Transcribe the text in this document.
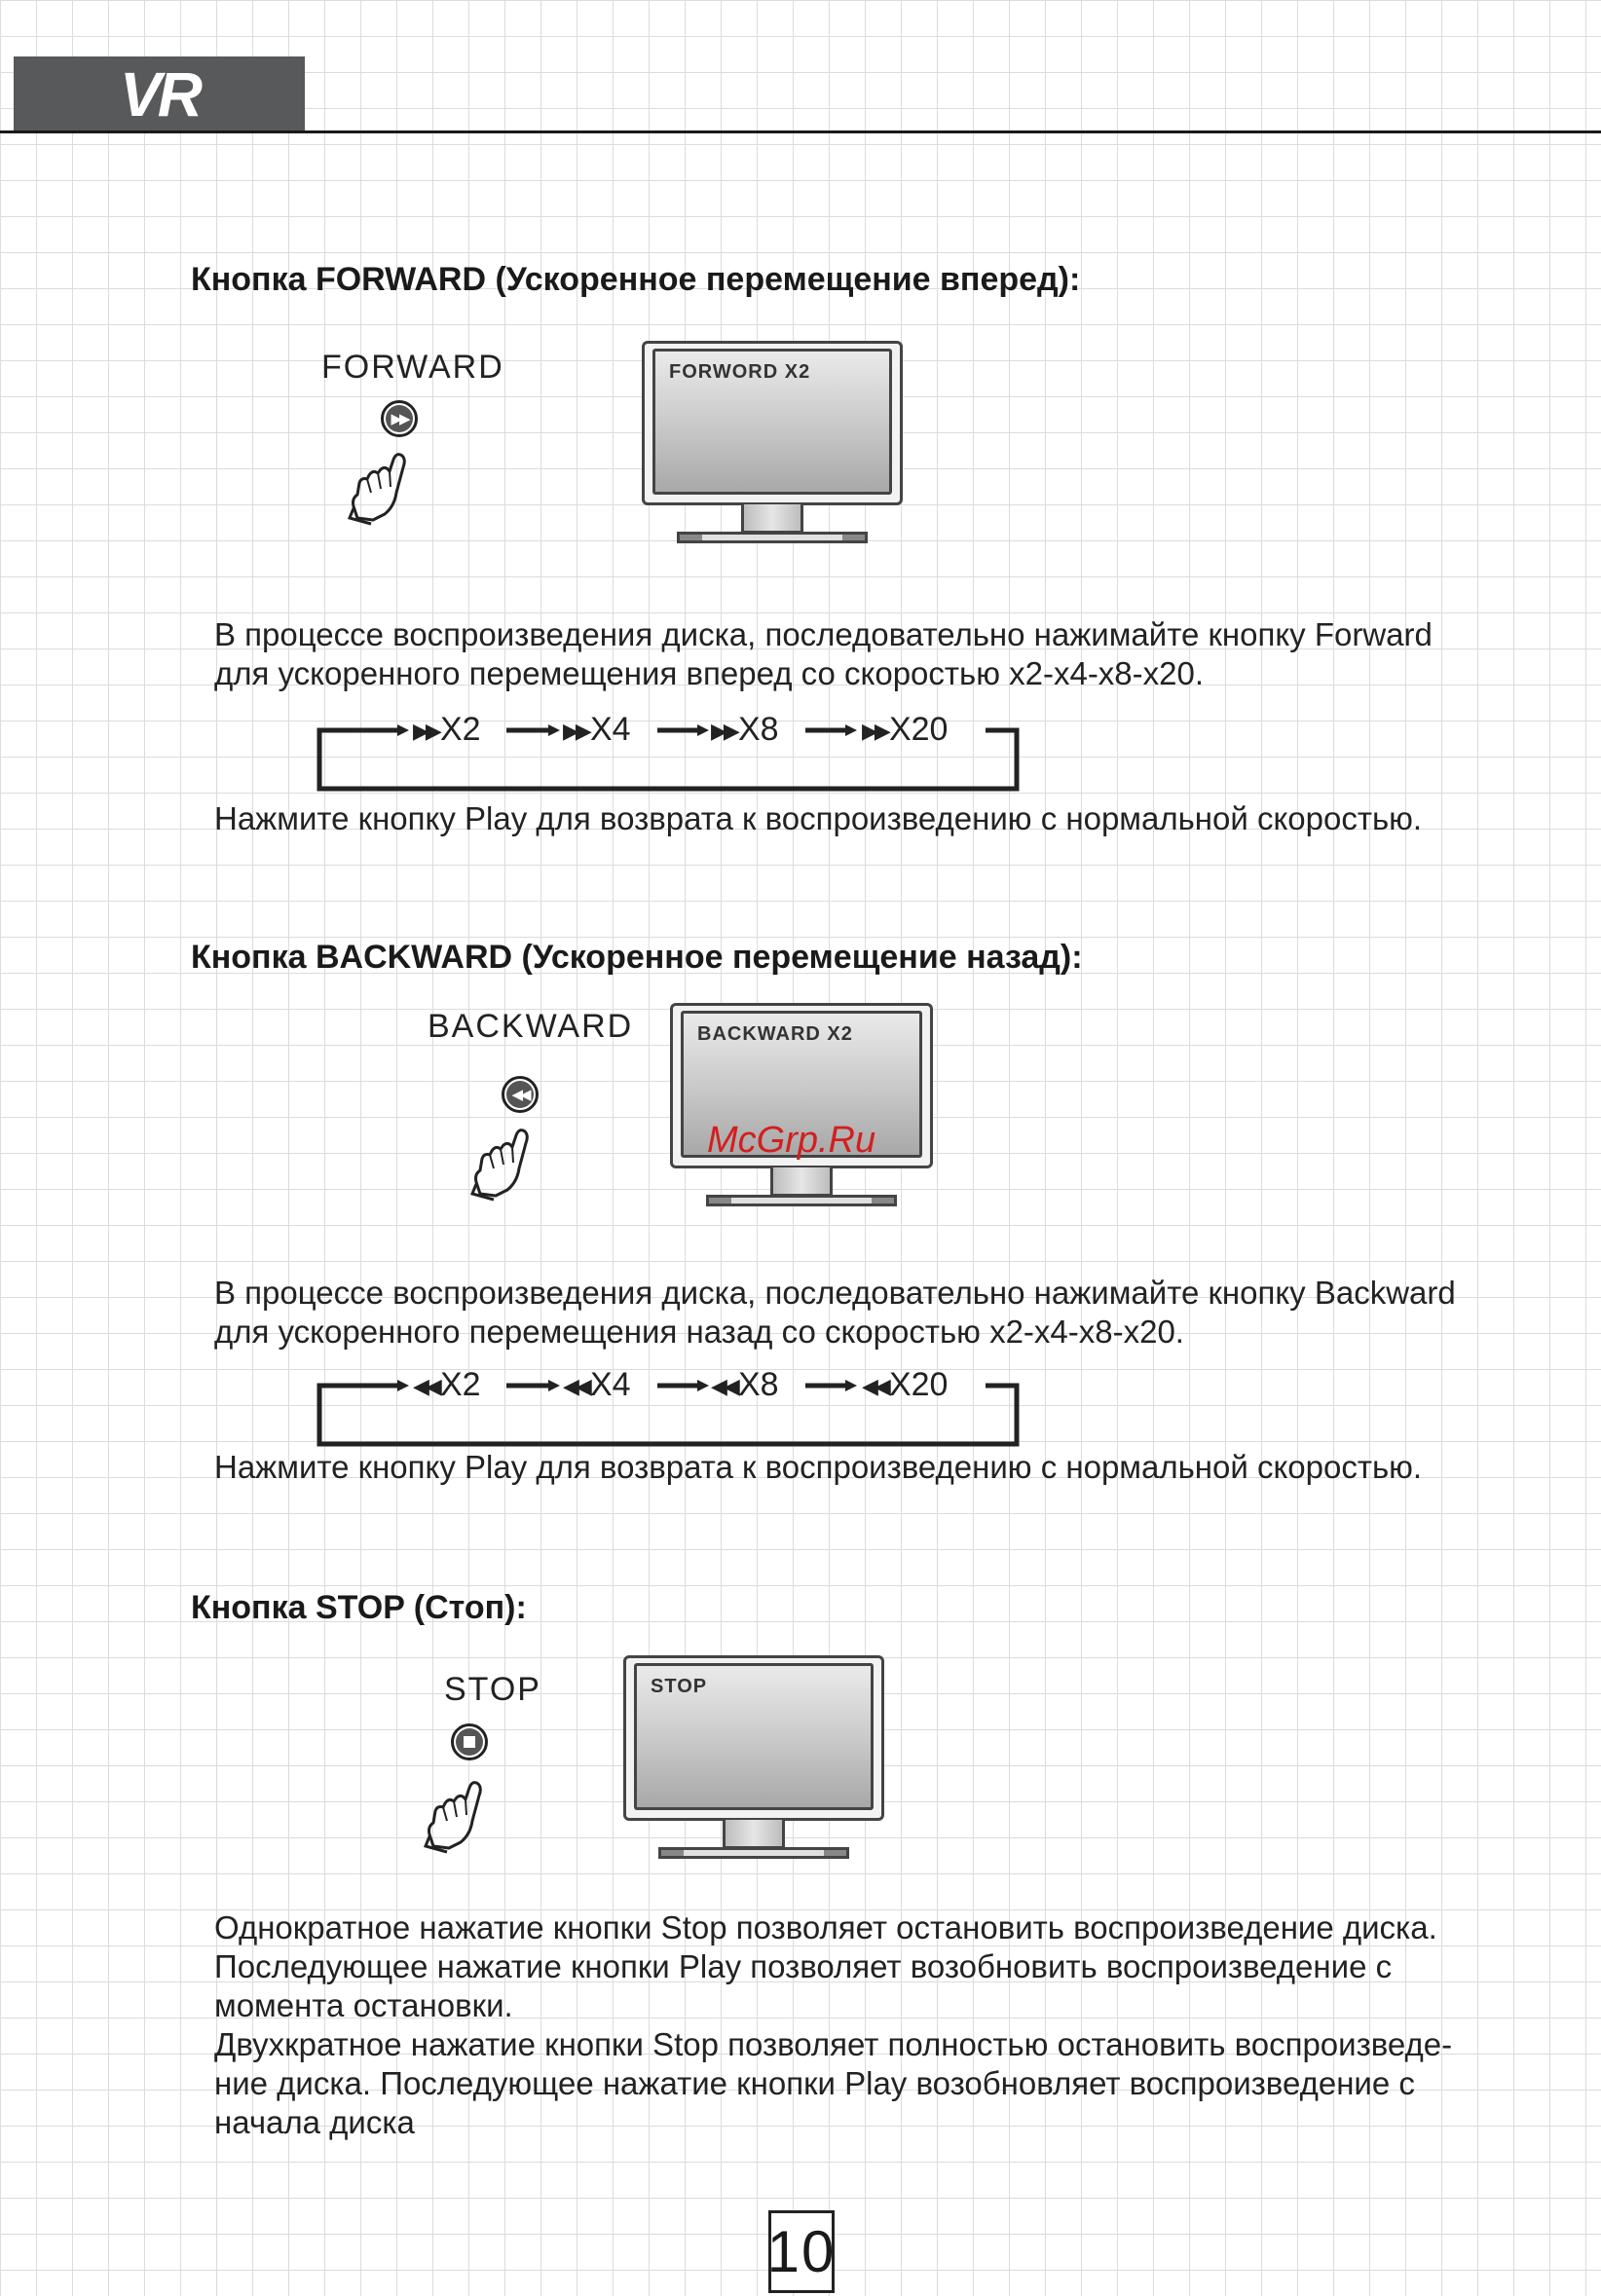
VR
Кнопка FORWARD (Ускоренное перемещение вперед):
FORWARD
▶▶
FORWORD X2
В процессе воспроизведения диска, последовательно нажимайте кнопку Forward
для ускоренного перемещения вперед со скоростью x2-x4-x8-x20.
▶▶ X2	▶▶ X4	▶▶ X8	▶▶ X20
Нажмите кнопку Play для возврата к воспроизведению с нормальной скоростью.
Кнопка BACKWARD (Ускоренное перемещение назад):
BACKWARD
◀◀
BACKWARD X2
McGrp.Ru
В процессе воспроизведения диска, последовательно нажимайте кнопку Backward
для ускоренного перемещения назад со скоростью x2-x4-x8-x20.
◀◀ X2	◀◀ X4	◀◀ X8	◀◀ X20
Нажмите кнопку Play для возврата к воспроизведению с нормальной скоростью.
Кнопка STOP (Стоп):
STOP	STOP
Однократное нажатие кнопки Stop позволяет остановить воспроизведение диска.
Последующее нажатие кнопки Play позволяет возобновить воспроизведение с
момента остановки.
Двухкратное нажатие кнопки Stop позволяет полностью остановить воспроизведе-
ние диска. Последующее нажатие кнопки Play возобновляет воспроизведение с
начала диска
10
